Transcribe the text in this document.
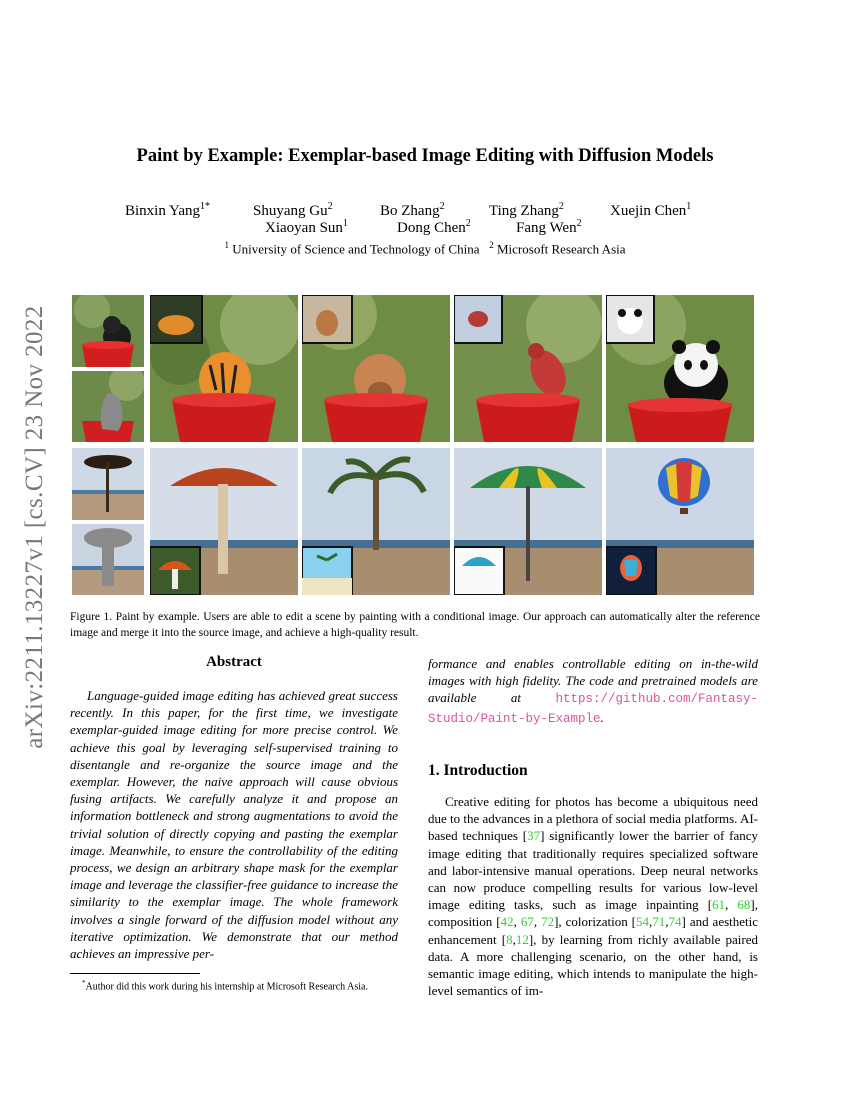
arXiv:2211.13227v1 [cs.CV] 23 Nov 2022
Paint by Example: Exemplar-based Image Editing with Diffusion Models
Binxin Yang$^{1*}$	Shuyang Gu$^2$	Bo Zhang$^2$	Ting Zhang$^2$	Xuejin Chen$^1$
Xiaoyan Sun$^1$	Dong Chen$^2$	Fang Wen$^2$
$^1$ University of Science and Technology of China $^2$ Microsoft Research Asia
Figure 1. Paint by example. Users are able to edit a scene by painting with a conditional image. Our approach can automatically alter the reference image and merge it into the source image, and achieve a high-quality result.
Abstract

Language-guided image editing has achieved great success recently. In this paper, for the first time, we investigate exemplar-guided image editing for more precise control. We achieve this goal by leveraging self-supervised training to disentangle and re-organize the source image and the exemplar. However, the naive approach will cause obvious fusing artifacts. We carefully analyze it and propose an information bottleneck and strong augmentations to avoid the trivial solution of directly copying and pasting the exemplar image. Meanwhile, to ensure the controllability of the editing process, we design an arbitrary shape mask for the exemplar image and leverage the classifier-free guidance to increase the similarity to the exemplar image. The whole framework involves a single forward of the diffusion model without any iterative optimization. We demonstrate that our method achieves an impressive per-

formance and enables controllable editing on in-the-wild images with high fidelity. The code and pretrained models are available at	https://github.com/Fantasy-Studio/Paint-by-Example.
1. Introduction

Creative editing for photos has become a ubiquitous need due to the advances in a plethora of social media platforms. AI-based techniques [37] significantly lower the barrier of fancy image editing that traditionally requires specialized software and labor-intensive manual operations. Deep neural networks can now produce compelling results for various low-level image editing tasks, such as image inpainting [61, 68], composition [42, 67, 72], colorization [54,71,74] and aesthetic enhancement [8,12], by learning from richly available paired data. A more challenging scenario, on the other hand, is semantic image editing, which intends to manipulate the high-level semantics of im-

*Author did this work during his internship at Microsoft Research Asia.
